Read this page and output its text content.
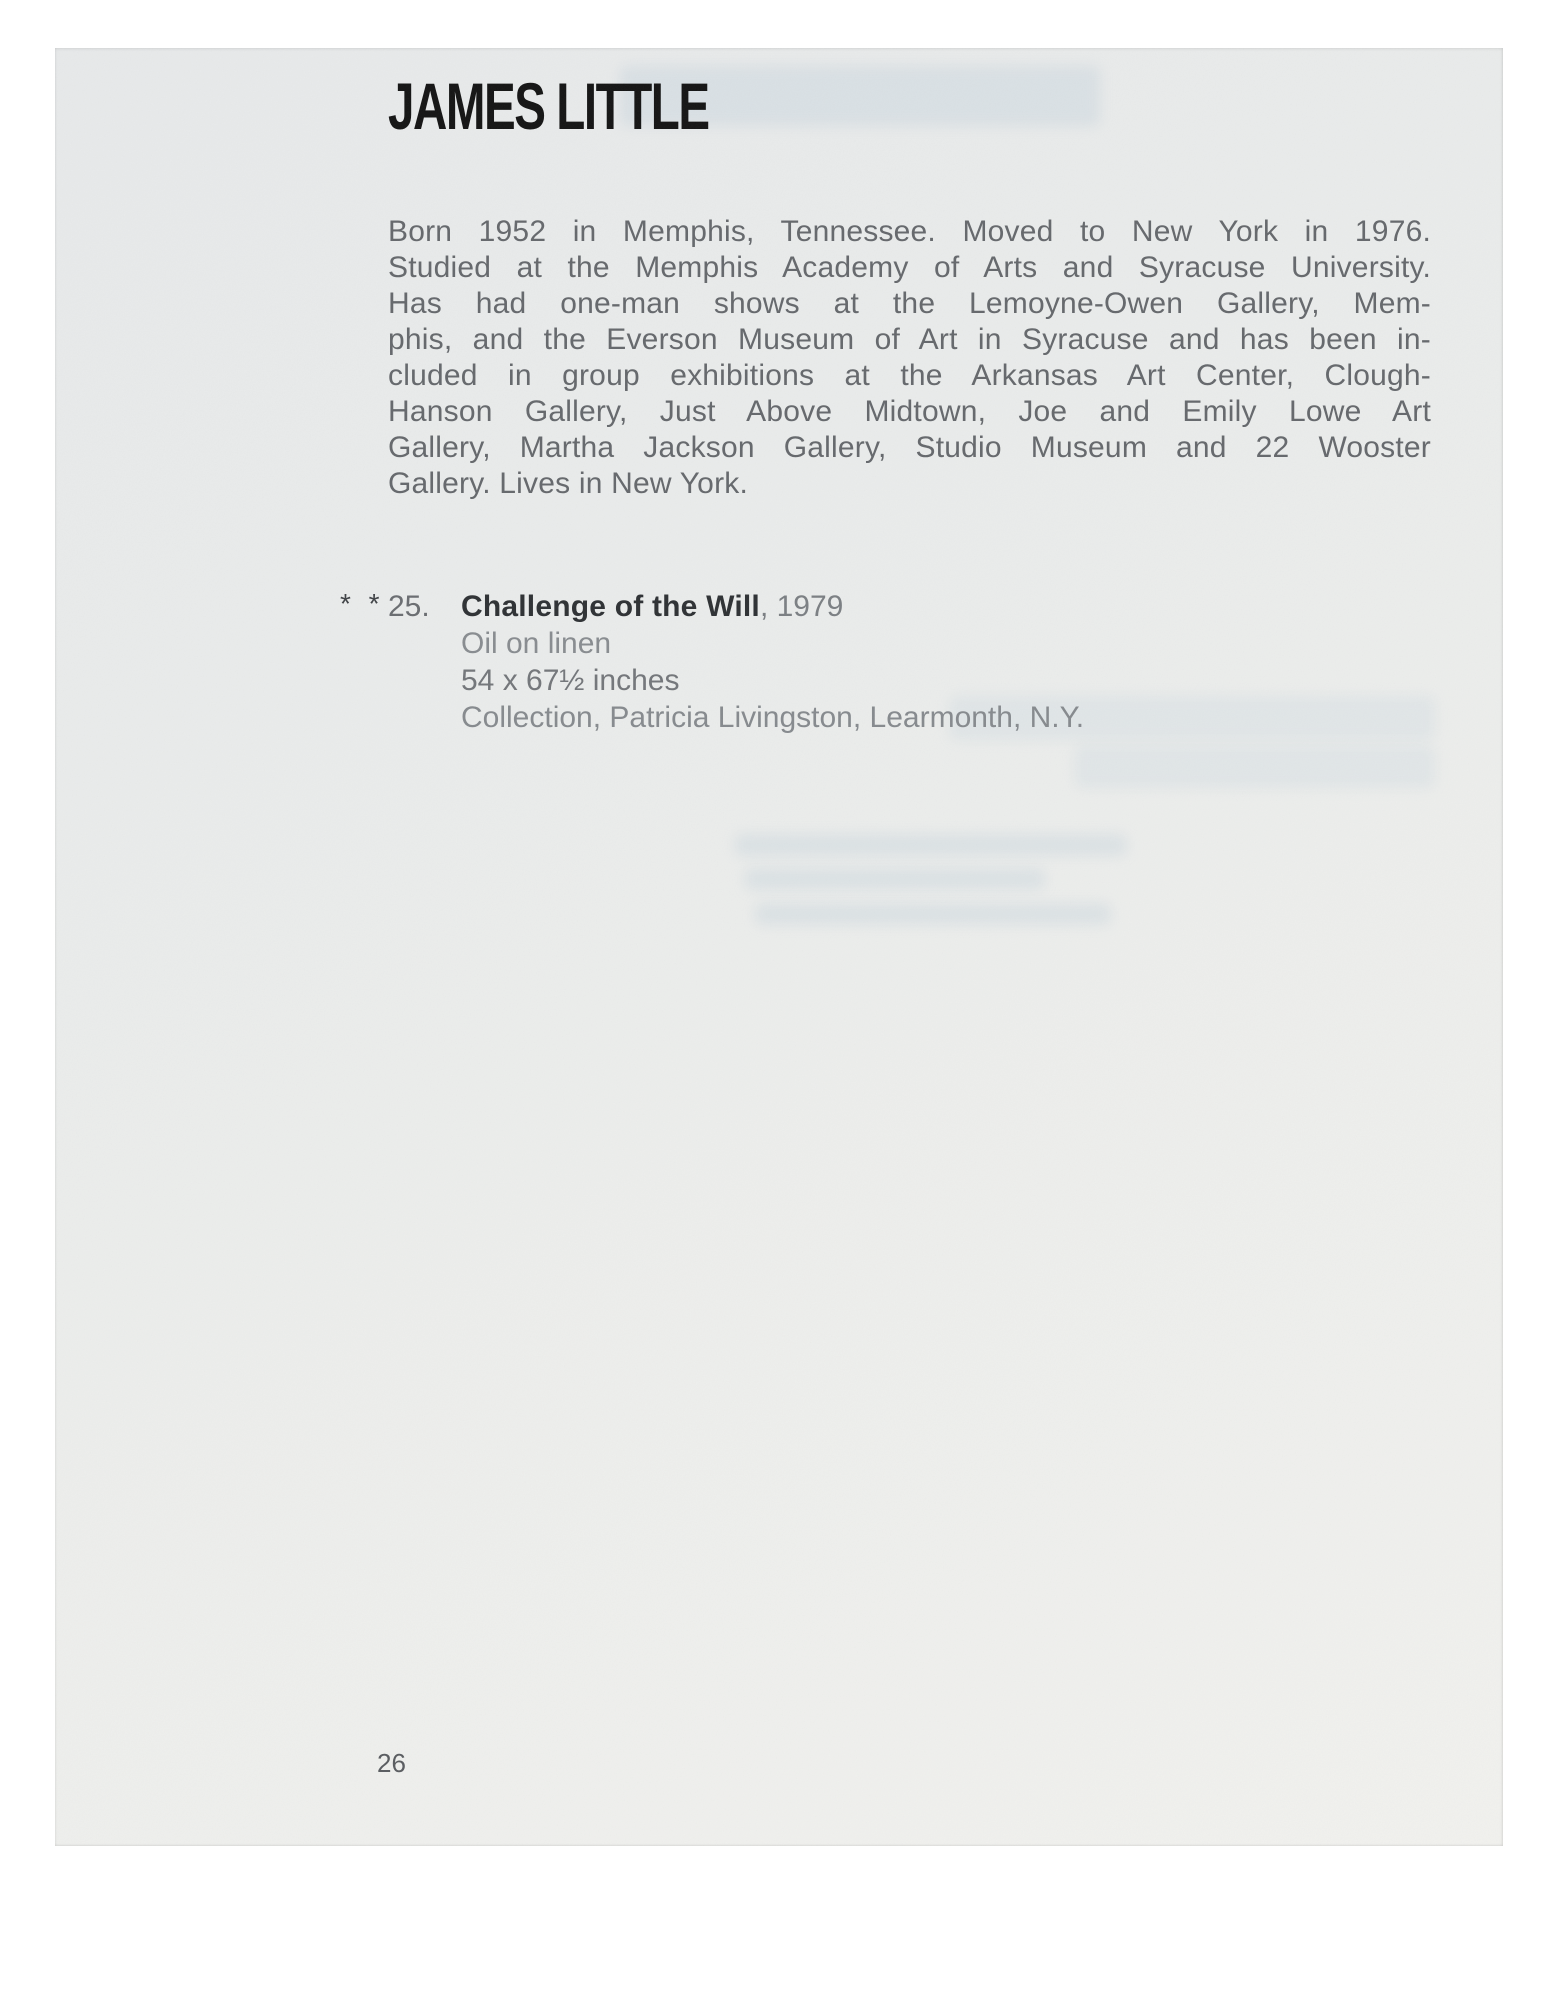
JAMES LITTLE
Born 1952 in Memphis, Tennessee. Moved to New York in 1976.
Studied at the Memphis Academy of Arts and Syracuse University.
Has had one-man shows at the Lemoyne-Owen Gallery, Mem-
phis, and the Everson Museum of Art in Syracuse and has been in-
cluded in group exhibitions at the Arkansas Art Center, Clough-
Hanson Gallery, Just Above Midtown, Joe and Emily Lowe Art
Gallery, Martha Jackson Gallery, Studio Museum and 22 Wooster
Gallery. Lives in New York.
* * 25.	Challenge of the Will, 1979
Oil on linen
54 x 67½ inches
Collection, Patricia Livingston, Learmonth, N.Y.
26
